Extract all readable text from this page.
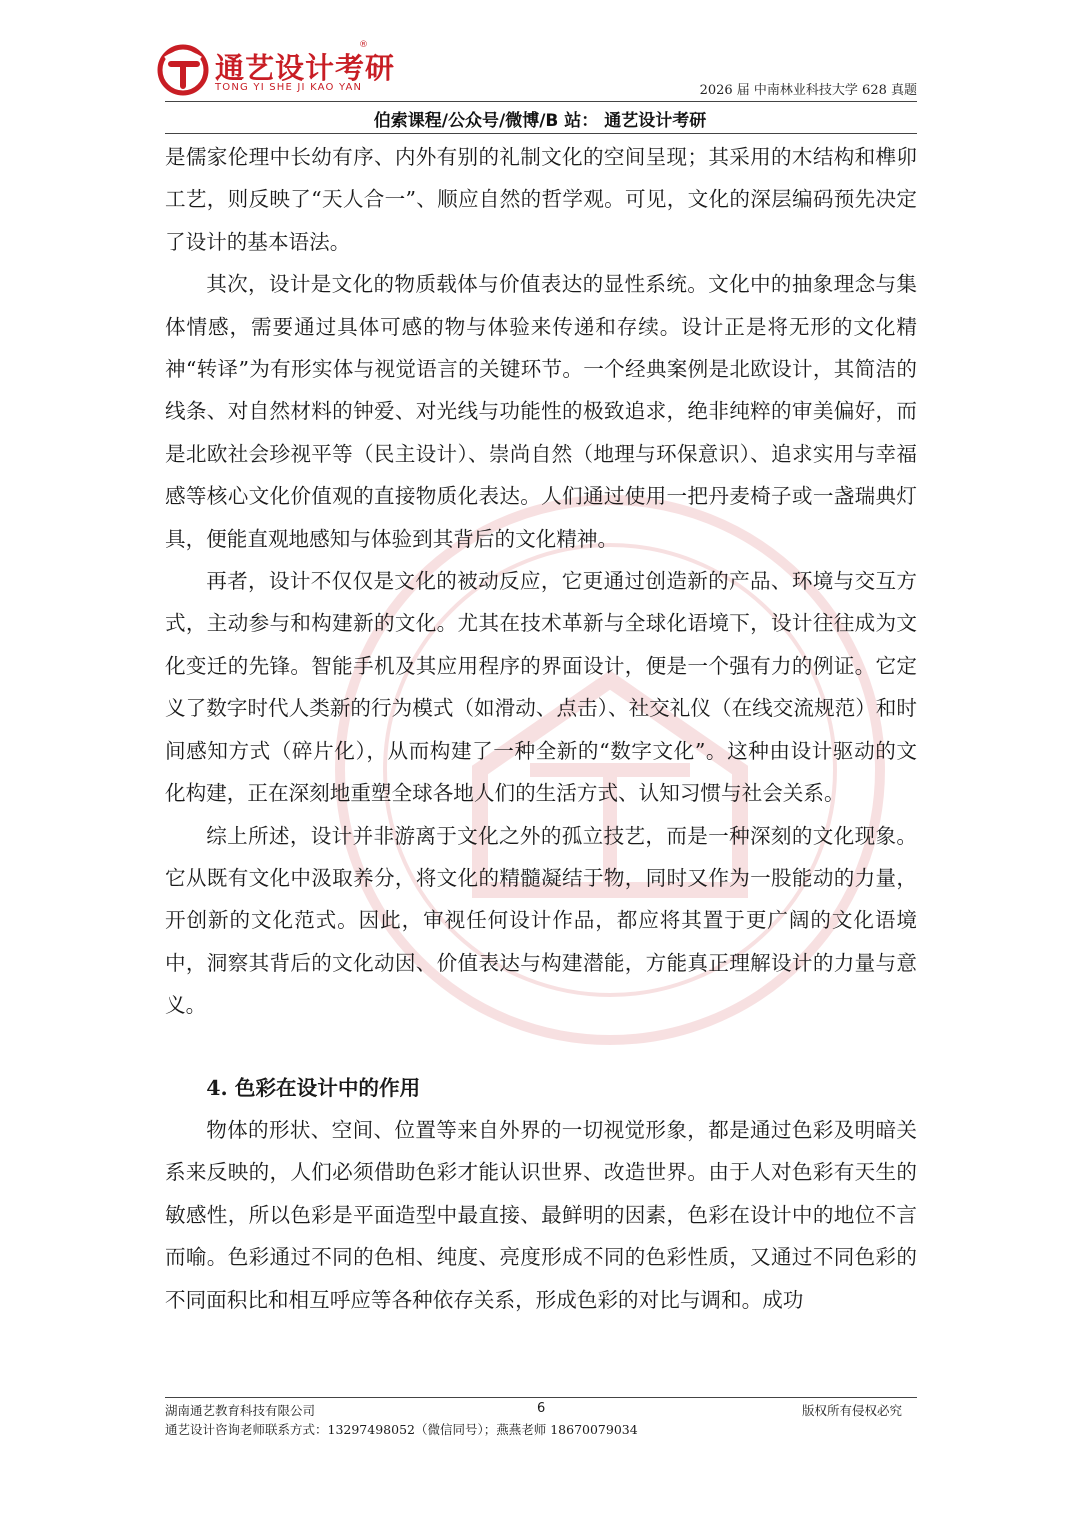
通艺设计考研
®
TONG YI SHE JI KAO YAN	2026 届 中南林业科技大学 628 真题
伯索课程/公众号/微博/B 站： 通艺设计考研

是儒家伦理中长幼有序、内外有别的礼制文化的空间呈现；其采用的木结构和榫卯工艺，则反映了“天人合一”、顺应自然的哲学观。可见，文化的深层编码预先决定了设计的基本语法。

其次，设计是文化的物质载体与价值表达的显性系统。文化中的抽象理念与集体情感，需要通过具体可感的物与体验来传递和存续。设计正是将无形的文化精神“转译”为有形实体与视觉语言的关键环节。一个经典案例是北欧设计，其简洁的线条、对自然材料的钟爱、对光线与功能性的极致追求，绝非纯粹的审美偏好，而是北欧社会珍视平等（民主设计）、崇尚自然（地理与环保意识）、追求实用与幸福感等核心文化价值观的直接物质化表达。人们通过使用一把丹麦椅子或一盏瑞典灯具，便能直观地感知与体验到其背后的文化精神。

再者，设计不仅仅是文化的被动反应，它更通过创造新的产品、环境与交互方式，主动参与和构建新的文化。尤其在技术革新与全球化语境下，设计往往成为文化变迁的先锋。智能手机及其应用程序的界面设计，便是一个强有力的例证。它定义了数字时代人类新的行为模式（如滑动、点击）、社交礼仪（在线交流规范）和时间感知方式（碎片化），从而构建了一种全新的“数字文化”。这种由设计驱动的文化构建，正在深刻地重塑全球各地人们的生活方式、认知习惯与社会关系。

综上所述，设计并非游离于文化之外的孤立技艺，而是一种深刻的文化现象。它从既有文化中汲取养分，将文化的精髓凝结于物，同时又作为一股能动的力量，开创新的文化范式。因此，审视任何设计作品，都应将其置于更广阔的文化语境中，洞察其背后的文化动因、价值表达与构建潜能，方能真正理解设计的力量与意义。

4. 色彩在设计中的作用

物体的形状、空间、位置等来自外界的一切视觉形象，都是通过色彩及明暗关系来反映的，人们必须借助色彩才能认识世界、改造世界。由于人对色彩有天生的敏感性，所以色彩是平面造型中最直接、最鲜明的因素，色彩在设计中的地位不言而喻。色彩通过不同的色相、纯度、亮度形成不同的色彩性质，又通过不同色彩的不同面积比和相互呼应等各种依存关系，形成色彩的对比与调和。成功

湖南通艺教育科技有限公司	6	版权所有侵权必究
通艺设计咨询老师联系方式：13297498052（微信同号）；燕燕老师 18670079034
